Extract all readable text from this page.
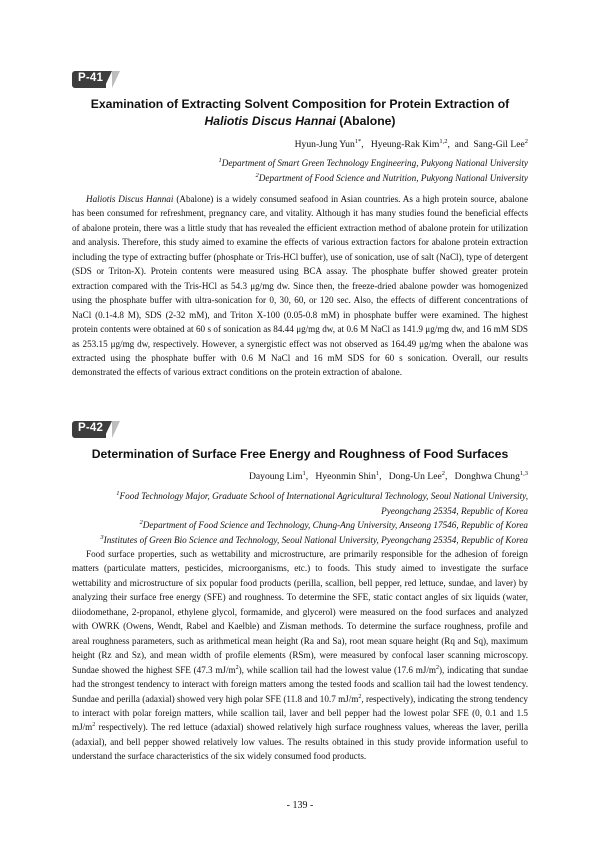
P-41
Examination of Extracting Solvent Composition for Protein Extraction of
Haliotis Discus Hannai (Abalone)
Hyun-Jung Yun$^{1*}$,   Hyeung-Rak Kim$^{1,2}$,  and  Sang-Gil Lee$^2$
$^1$Department of Smart Green Technology Engineering, Pukyong National University
$^2$Department of Food Science and Nutrition, Pukyong National University

Haliotis Discus Hannai (Abalone) is a widely consumed seafood in Asian countries. As a high protein source, abalone has been consumed for refreshment, pregnancy care, and vitality. Although it has many studies found the beneficial effects of abalone protein, there was a little study that has revealed the efficient extraction method of abalone protein for utilization and analysis. Therefore, this study aimed to examine the effects of various extraction factors for abalone protein extraction including the type of extracting buffer (phosphate or Tris-HCl buffer), use of sonication, use of salt (NaCl), type of detergent (SDS or Triton-X). Protein contents were measured using BCA assay. The phosphate buffer showed greater protein extraction compared with the Tris-HCl as 54.3 μg/mg dw. Since then, the freeze-dried abalone powder was homogenized using the phosphate buffer with ultra-sonication for 0, 30, 60, or 120 sec. Also, the effects of different concentrations of NaCl (0.1-4.8 M), SDS (2-32 mM), and Triton X-100 (0.05-0.8 mM) in phosphate buffer were examined. The highest protein contents were obtained at 60 s of sonication as 84.44 μg/mg dw, at 0.6 M NaCl as 141.9 μg/mg dw, and 16 mM SDS as 253.15 μg/mg dw, respectively. However, a synergistic effect was not observed as 164.49 μg/mg when the abalone was extracted using the phosphate buffer with 0.6 M NaCl and 16 mM SDS for 60 s sonication. Overall, our results demonstrated the effects of various extract conditions on the protein extraction of abalone.

P-42
Determination of Surface Free Energy and Roughness of Food Surfaces
Dayoung Lim$^1$,   Hyeonmin Shin$^1$,   Dong-Un Lee$^2$,   Donghwa Chung$^{1,3}$
$^1$Food Technology Major, Graduate School of International Agricultural Technology, Seoul National University,
Pyeongchang 25354, Republic of Korea
$^2$Department of Food Science and Technology, Chung-Ang University, Anseong 17546, Republic of Korea
$^3$Institutes of Green Bio Science and Technology, Seoul National University, Pyeongchang 25354, Republic of Korea

Food surface properties, such as wettability and microstructure, are primarily responsible for the adhesion of foreign matters (particulate matters, pesticides, microorganisms, etc.) to foods. This study aimed to investigate the surface wettability and microstructure of six popular food products (perilla, scallion, bell pepper, red lettuce, sundae, and laver) by analyzing their surface free energy (SFE) and roughness. To determine the SFE, static contact angles of six liquids (water, diiodomethane, 2-propanol, ethylene glycol, formamide, and glycerol) were measured on the food surfaces and analyzed with OWRK (Owens, Wendt, Rabel and Kaelble) and Zisman methods. To determine the surface roughness, profile and areal roughness parameters, such as arithmetical mean height (Ra and Sa), root mean square height (Rq and Sq), maximum height (Rz and Sz), and mean width of profile elements (RSm), were measured by confocal laser scanning microscopy. Sundae showed the highest SFE (47.3 $mJ/m^2$), while scallion tail had the lowest value (17.6 $mJ/m^2$), indicating that sundae had the strongest tendency to interact with foreign matters among the tested foods and scallion tail had the lowest tendency. Sundae and perilla (adaxial) showed very high polar SFE (11.8 and 10.7 $mJ/m^2$, respectively), indicating the strong tendency to interact with polar foreign matters, while scallion tail, laver and bell pepper had the lowest polar SFE (0, 0.1 and 1.5 $mJ/m^2$ respectively). The red lettuce (adaxial) showed relatively high surface roughness values, whereas the laver, perilla (adaxial), and bell pepper showed relatively low values. The results obtained in this study provide information useful to understand the surface characteristics of the six widely consumed food products.

- 139 -
